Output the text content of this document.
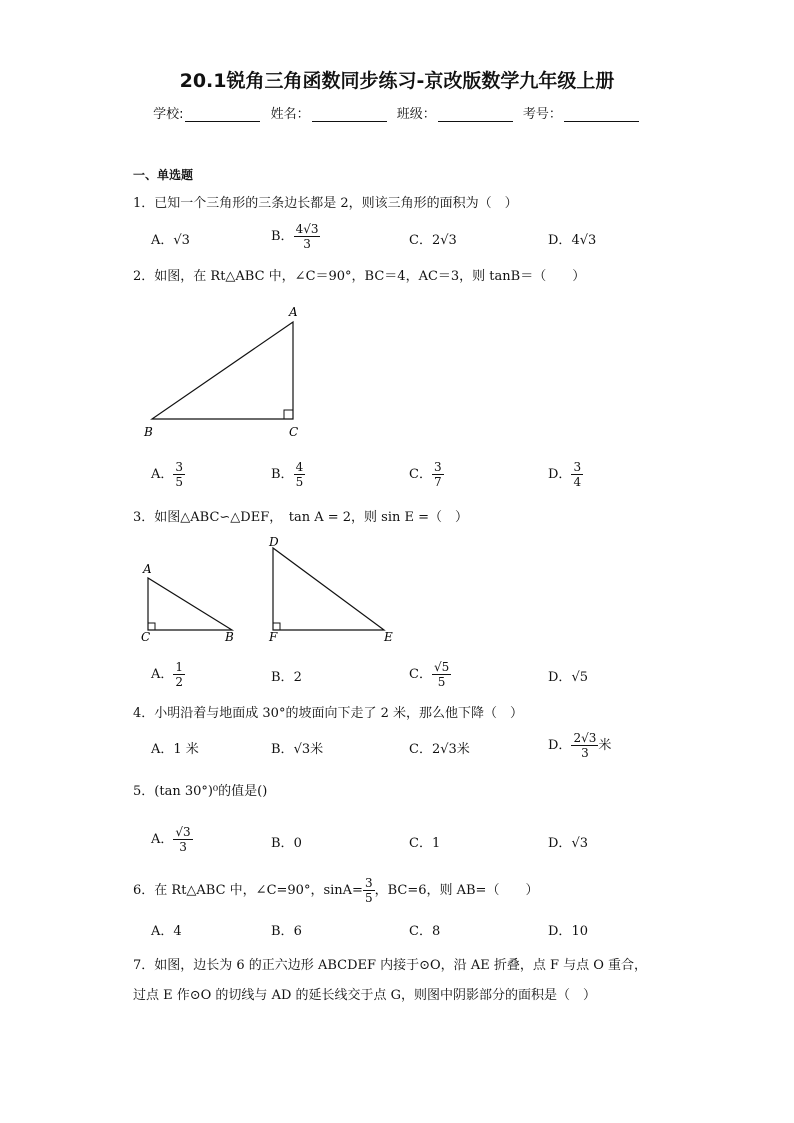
20.1锐角三角函数同步练习-京改版数学九年级上册
学校:	姓名：	班级：	考号：
一、单选题
1．已知一个三角形的三条边长都是 2，则该三角形的面积为（　）
A．√3	B． $\frac{4√3}{3}$	C．2√3	D．4√3
2．如图，在 Rt△ABC 中，∠C＝90°，BC＝4，AC＝3，则 tanB＝（　　）
A
B	C
A． $\frac{3}{5}$	B． $\frac{4}{5}$	C． $\frac{3}{7}$	D． $\frac{3}{4}$
3．如图△ABC∽△DEF，　tan A = 2，则 sin E =（　）
A
C	B
D
F	E
A． $\frac{1}{2}$	B．2	C． $\frac{√5}{5}$	D．√5
4．小明沿着与地面成 30°的坡面向下走了 2 米，那么他下降（　）
A．1 米	B．√3米	C．2√3米	D． $\frac{2√3}{3}$ 米
5．(tan 30°)⁰的值是()
A． $\frac{√3}{3}$	B．0	C．1	D．√3
6．在 Rt△ABC 中，∠C=90°，$\sin A= \frac{3}{5}$ ，BC=6，则 AB=（　　）
A．4	B．6	C．8	D．10
7．如图，边长为 6 的正六边形 ABCDEF 内接于⊙O，沿 AE 折叠，点 F 与点 O 重合，
过点 E 作⊙O 的切线与 AD 的延长线交于点 G，则图中阴影部分的面积是（　）
